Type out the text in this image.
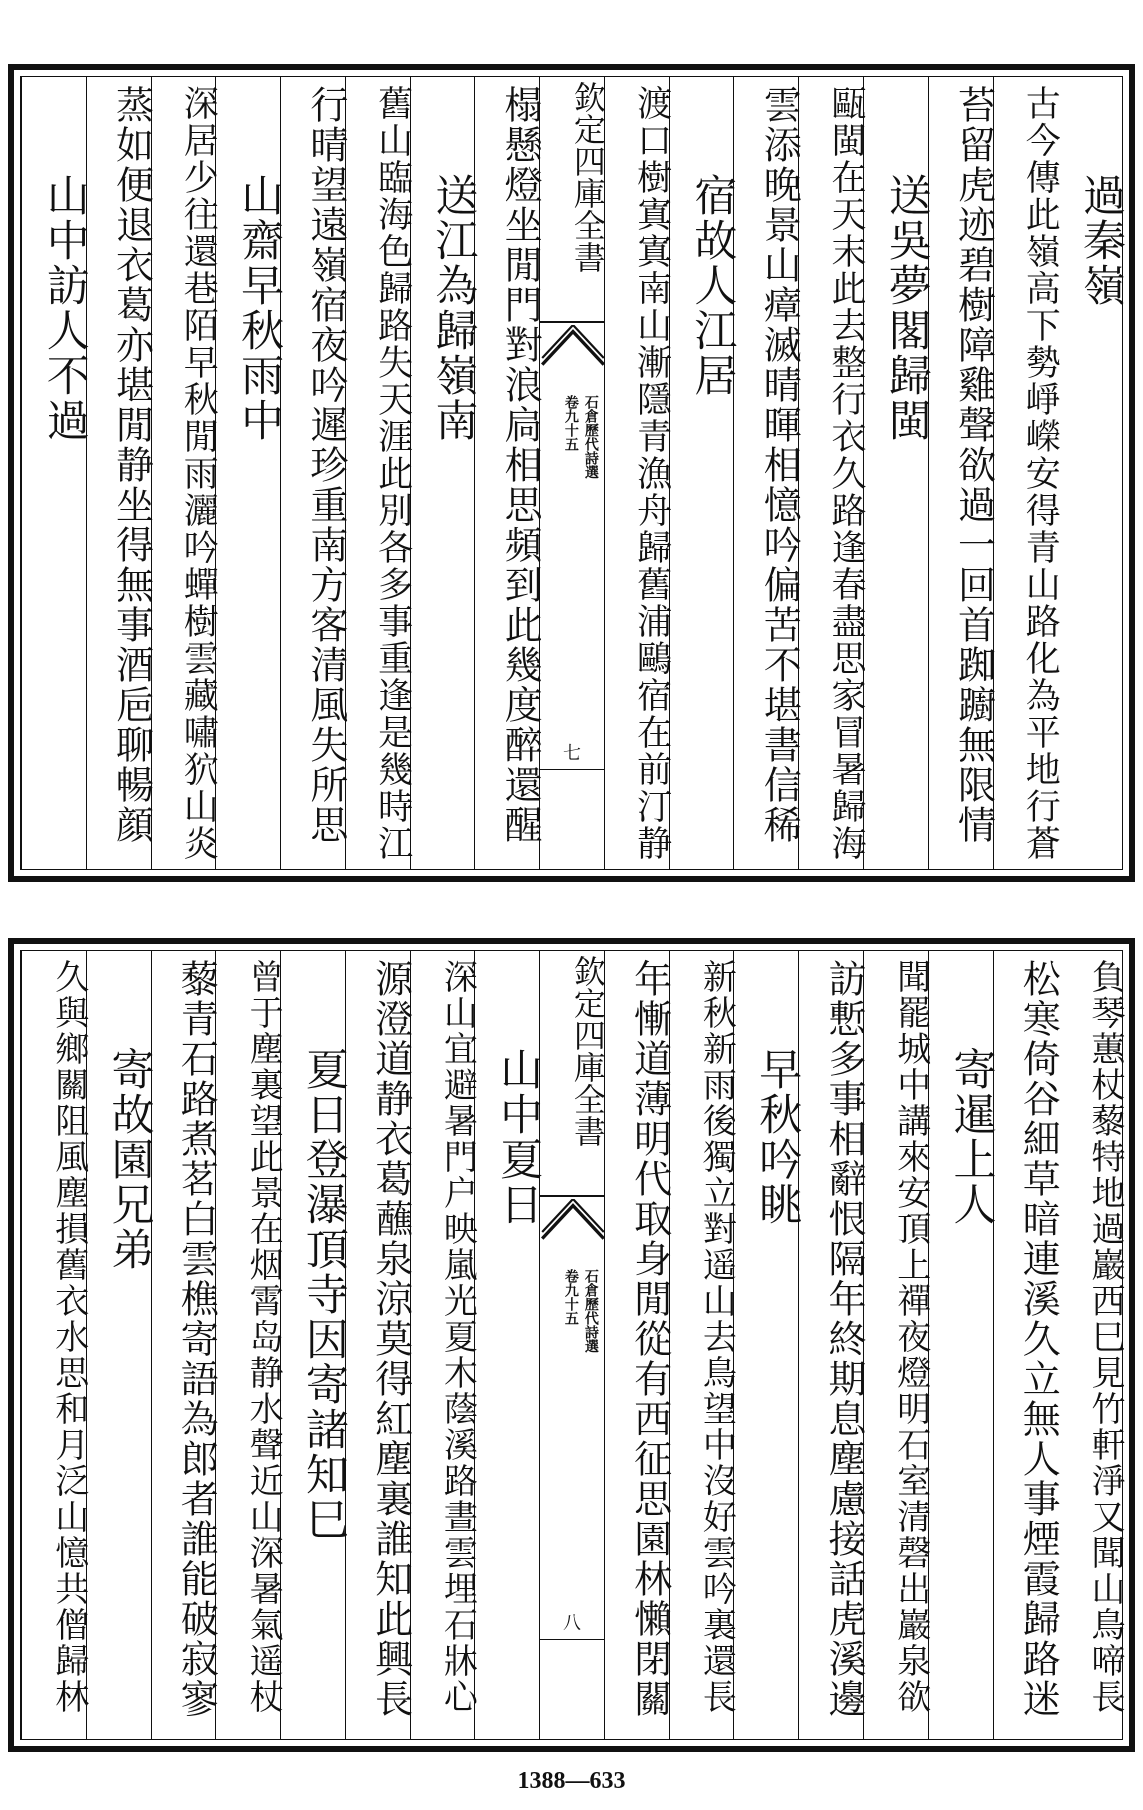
過秦嶺
古今傳此嶺高下勢崢嶸安得青山路化為平地行蒼
苔留虎迹碧樹障雞聲欲過一回首踟躕無限情
送吳夢閣歸閩
甌閩在天末此去整行衣久路逢春盡思家冒暑歸海
雲添晚景山瘴滅晴暉相憶吟偏苦不堪書信稀
宿故人江居
渡口樹寘寘南山漸隱青漁舟歸舊浦鷗宿在前汀静
欽定四庫全書
石倉歷代詩選
卷九十五
七
榻懸燈坐閒門對浪扃相思頻到此幾度醉還醒
送江為歸嶺南
舊山臨海色歸路失天涯此別各多事重逢是幾時江
行晴望遠嶺宿夜吟遲珍重南方客清風失所思
山齋早秋雨中
深居少往還巷陌早秋閒雨灑吟蟬樹雲藏嘯狖山炎
蒸如便退衣葛亦堪閒静坐得無事酒巵聊暢顔
山中訪人不過
負琴蕙杖藜特地過巖西巳見竹軒淨又聞山鳥啼長
松寒倚谷細草暗連溪久立無人事煙霞歸路迷
寄暹上人
聞罷城中講來安頂上禪夜燈明石室清磬出巖泉欲
訪慙多事相辭恨隔年終期息塵慮接話虎溪邊
早秋吟眺
新秋新雨後獨立對遥山去鳥望中沒好雲吟裏還長
年慚道薄明代取身閒從有西征思園林懶閉關
欽定四庫全書
石倉歷代詩選
卷九十五
八
山中夏日
深山宜避暑門户映嵐光夏木蔭溪路晝雲埋石牀心
源澄道静衣葛蘸泉涼莫得紅塵裏誰知此興長
夏日登瀑頂寺因寄諸知巳
曾于塵裏望此景在烟霄岛静水聲近山深暑氣遥杖
藜青石路煮茗白雲樵寄語為郎者誰能破寂寥
寄故園兄弟
久與鄉關阻風塵損舊衣水思和月泛山憶共僧歸林
1388—633
